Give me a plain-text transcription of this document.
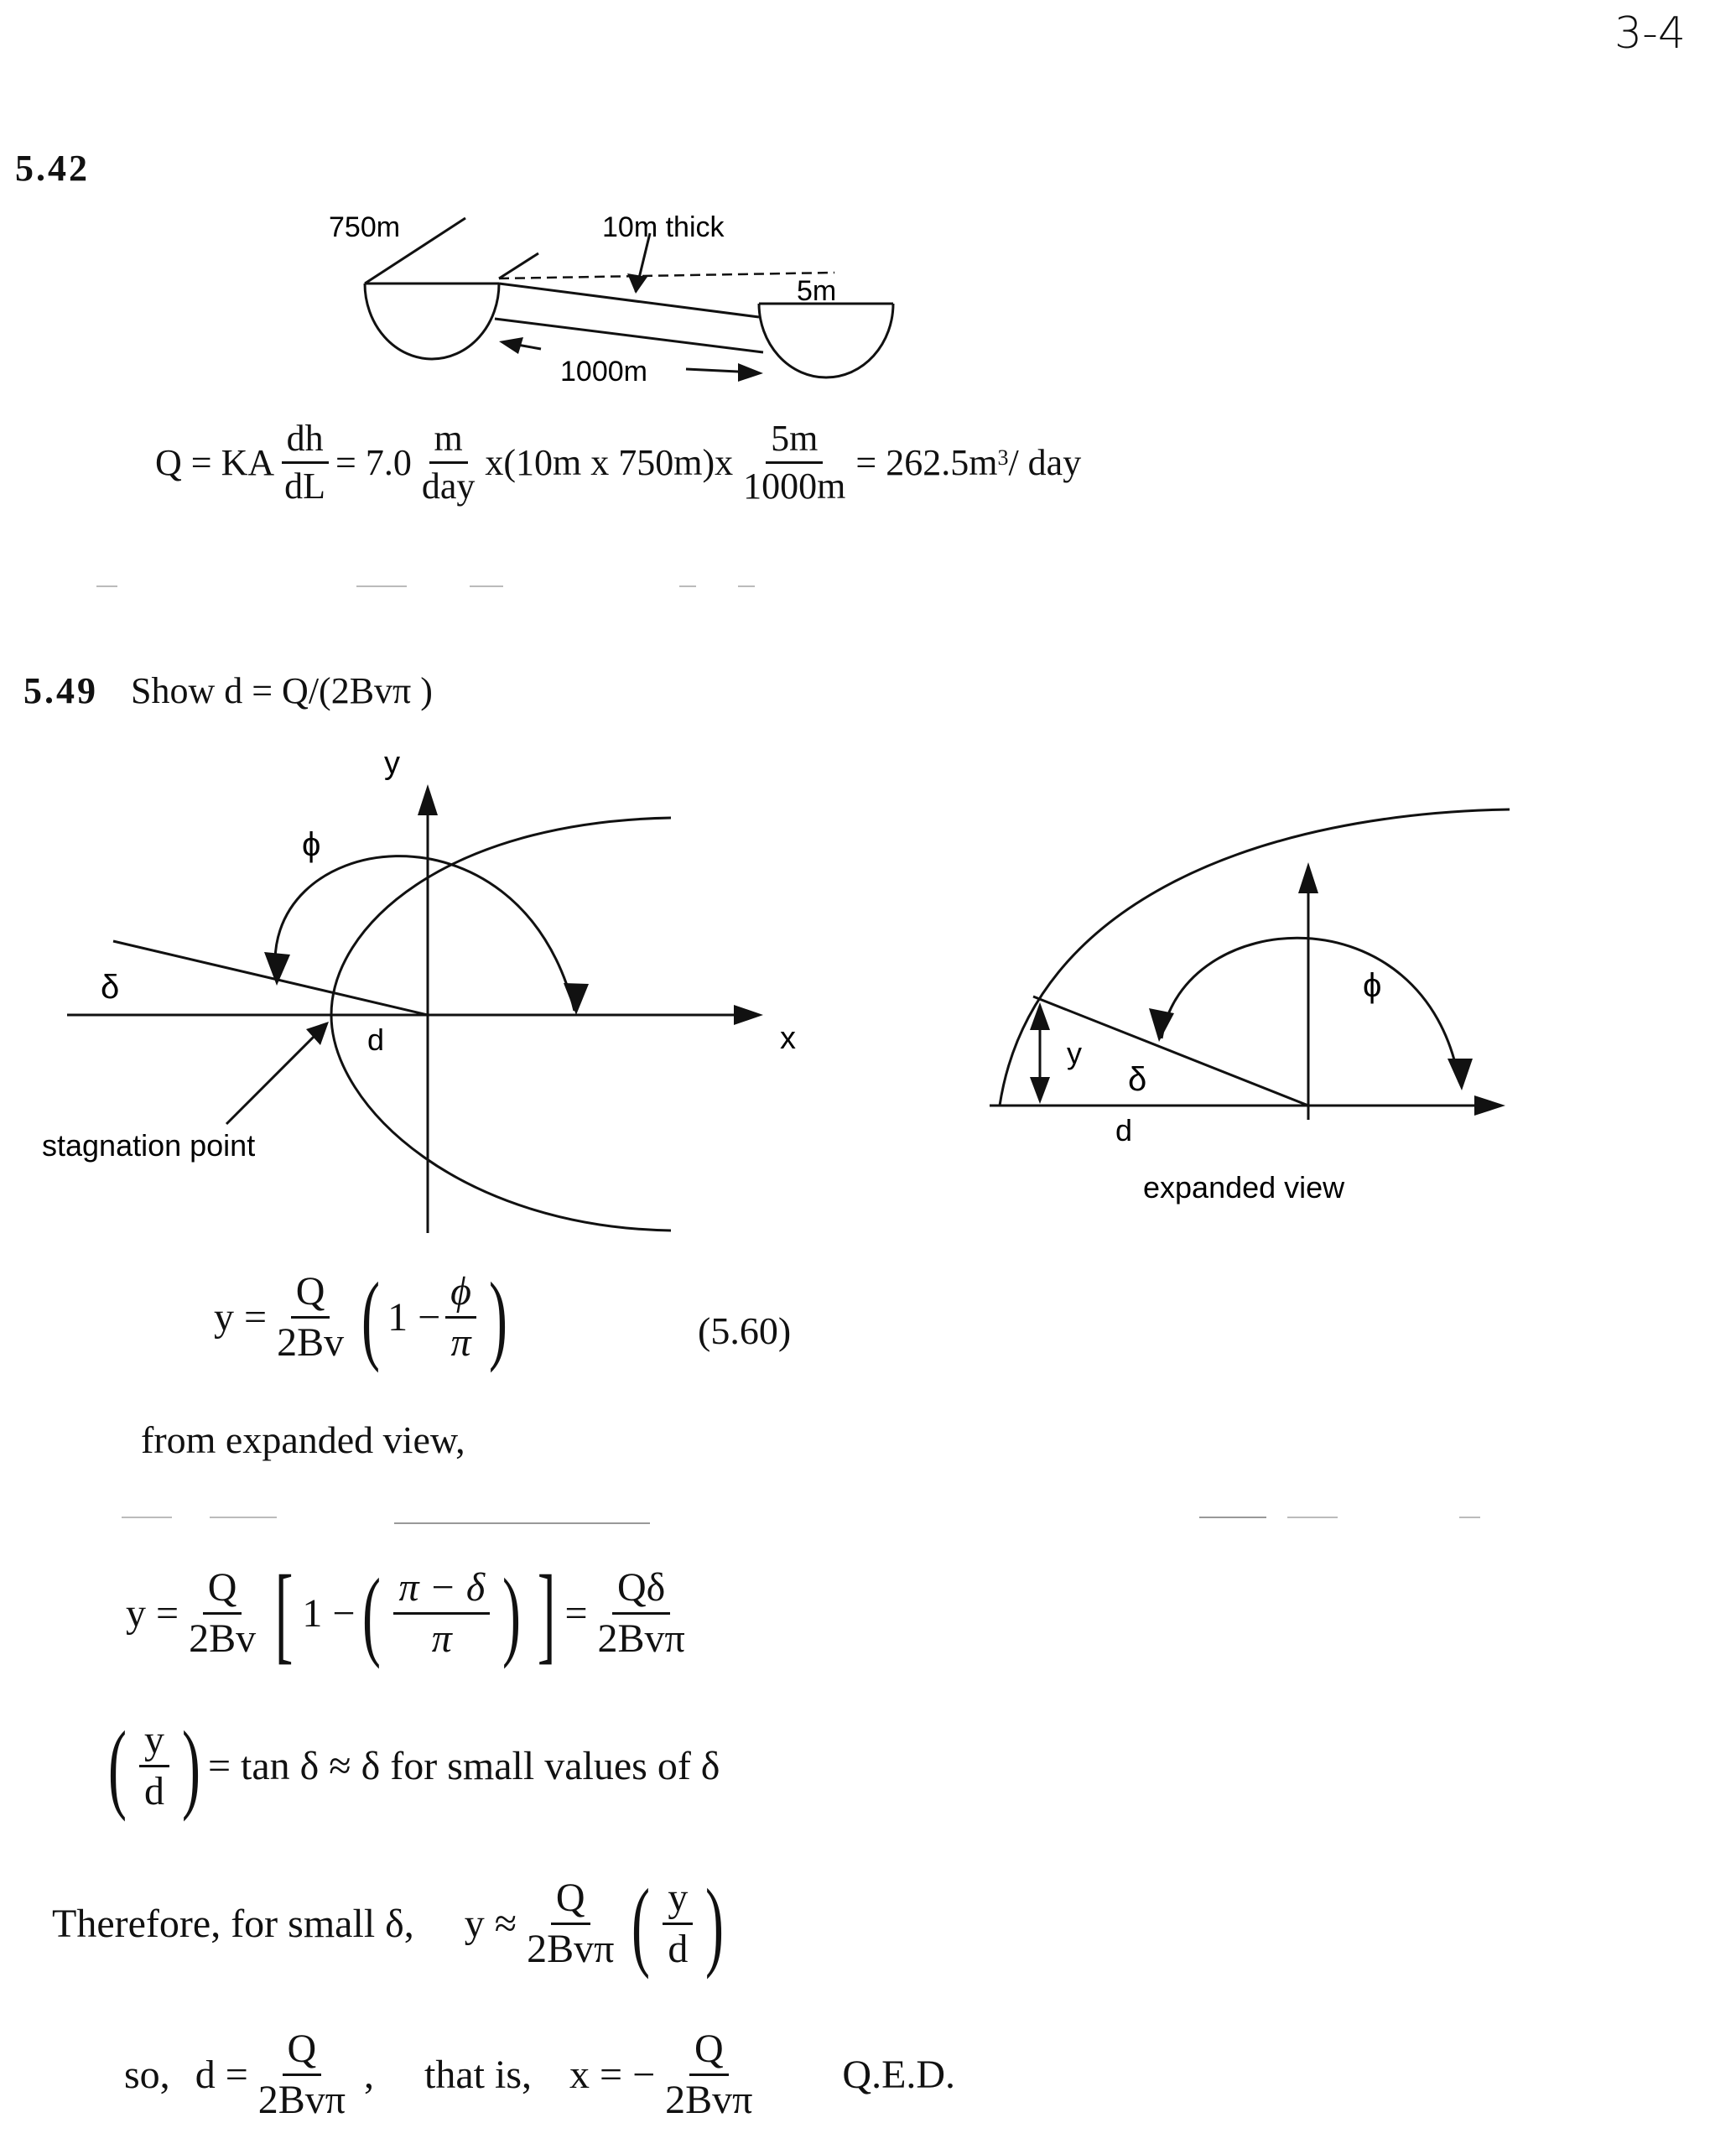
3-4
5.42
750m	10m thick
5m
1000m
Q = KA $\frac{dh}{dL} = 7.0 \frac{m}{\text{day}} x(10m$ x $750m)x \frac{5m}{1000m} = 262.5m^3$ / day
5.49 Show d = Q/(2Bvπ )
y
x
ϕ
δ
d
stagnation point
ϕ
y
δ
d
expanded view
$y = \frac{Q}{2Bv}$ ( $1 - \frac{\phi}{\pi}$ )	(5.60)
from expanded view,
$y = \frac{Q}{2Bv}$ [ 1 − ( $\frac{\pi - \delta}{\pi}$ ) ] = $\frac{Q\delta}{\text{2Bvπ}}$
( $\frac{y}{d}$ ) = tan δ ≈ δ for small values of δ
Therefore, for small δ, $y \approx \frac{Q}{\text{2Bvπ}}$ ( $\frac{y}{d}$ )
so, $d = \frac{Q}{\text{2Bvπ}}$ , that is, x = − $\frac{Q}{\text{2Bvπ}} Q.E.D$.
